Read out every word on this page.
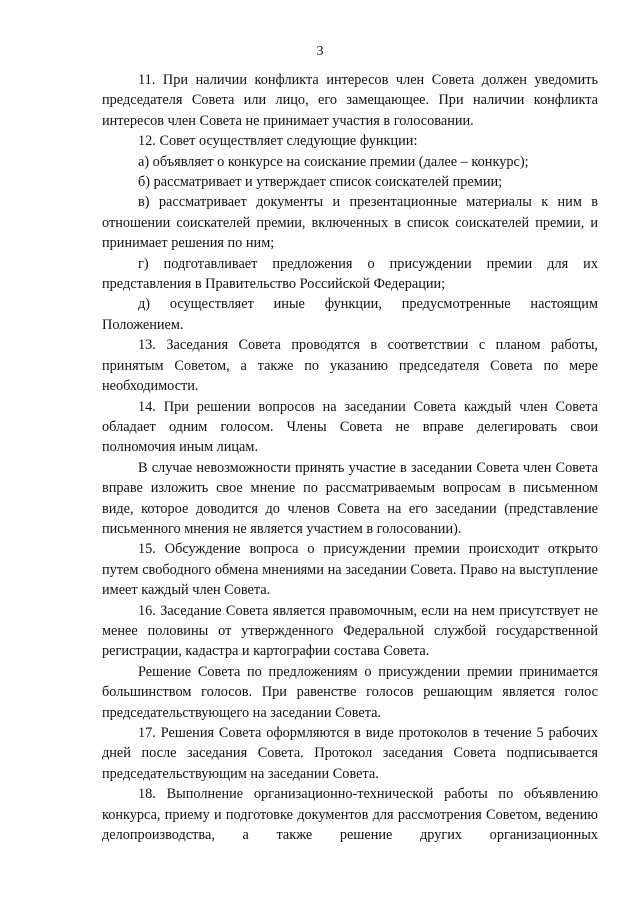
3

11. При наличии конфликта интересов член Совета должен уведомить председателя Совета или лицо, его замещающее. При наличии конфликта интересов член Совета не принимает участия в голосовании.

12. Совет осуществляет следующие функции:

а) объявляет о конкурсе на соискание премии (далее – конкурс);

б) рассматривает и утверждает список соискателей премии;

в) рассматривает документы и презентационные материалы к ним в отношении соискателей премии, включенных в список соискателей премии, и принимает решения по ним;

г) подготавливает предложения о присуждении премии для их представления в Правительство Российской Федерации;

д) осуществляет иные функции, предусмотренные настоящим Положением.

13. Заседания Совета проводятся в соответствии с планом работы, принятым Советом, а также по указанию председателя Совета по мере необходимости.

14. При решении вопросов на заседании Совета каждый член Совета обладает одним голосом. Члены Совета не вправе делегировать свои полномочия иным лицам.

В случае невозможности принять участие в заседании Совета член Совета вправе изложить свое мнение по рассматриваемым вопросам в письменном виде, которое доводится до членов Совета на его заседании (представление письменного мнения не является участием в голосовании).

15. Обсуждение вопроса о присуждении премии происходит открыто путем свободного обмена мнениями на заседании Совета. Право на выступление имеет каждый член Совета.

16. Заседание Совета является правомочным, если на нем присутствует не менее половины от утвержденного Федеральной службой государственной регистрации, кадастра и картографии состава Совета.

Решение Совета по предложениям о присуждении премии принимается большинством голосов. При равенстве голосов решающим является голос председательствующего на заседании Совета.

17. Решения Совета оформляются в виде протоколов в течение 5 рабочих дней после заседания Совета. Протокол заседания Совета подписывается председательствующим на заседании Совета.

18. Выполнение организационно-технической работы по объявлению конкурса, приему и подготовке документов для рассмотрения Советом, ведению делопроизводства, а также решение других организационных
